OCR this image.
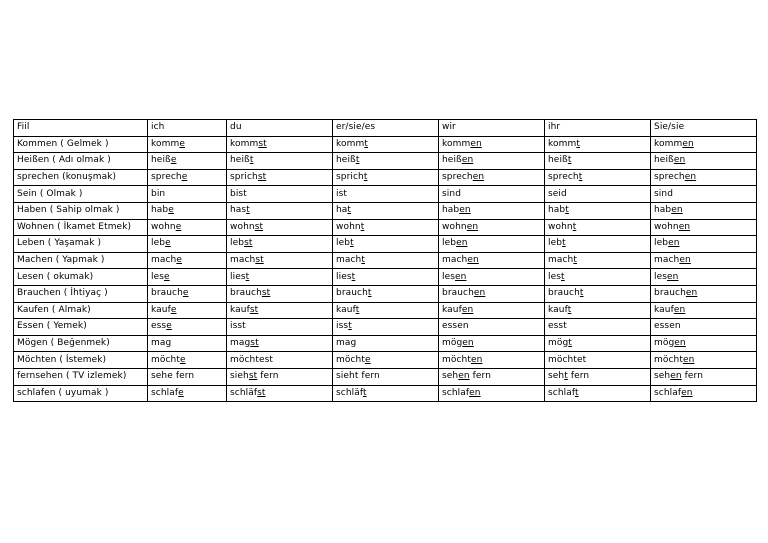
Fiil	ich	du	er/sie/es	wir	ihr	Sie/sie
Kommen ( Gelmek )	komme	kommst	kommt	kommen	kommt	kommen
Heißen ( Adı olmak )	heiße	heißt	heißt	heißen	heißt	heißen
sprechen (konuşmak)	spreche	sprichst	spricht	sprechen	sprecht	sprechen
Sein ( Olmak )	bin	bist	ist	sind	seid	sind
Haben ( Sahip olmak )	habe	hast	hat	haben	habt	haben
Wohnen ( İkamet Etmek)	wohne	wohnst	wohnt	wohnen	wohnt	wohnen
Leben ( Yaşamak )	lebe	lebst	lebt	leben	lebt	leben
Machen ( Yapmak )	mache	machst	macht	machen	macht	machen
Lesen ( okumak)	lese	liest	liest	lesen	lest	lesen
Brauchen ( İhtiyaç )	brauche	brauchst	braucht	brauchen	braucht	brauchen
Kaufen ( Almak)	kaufe	kaufst	kauft	kaufen	kauft	kaufen
Essen ( Yemek)	esse	isst	isst	essen	esst	essen
Mögen ( Beğenmek)	mag	magst	mag	mögen	mögt	mögen
Möchten ( İstemek)	möchte	möchtest	möchte	möchten	möchtet	möchten
fernsehen ( TV izlemek)	sehe fern	siehst fern	sieht fern	sehen fern	seht fern	sehen fern
schlafen ( uyumak )	schlafe	schläfst	schläft	schlafen	schlaft	schlafen
